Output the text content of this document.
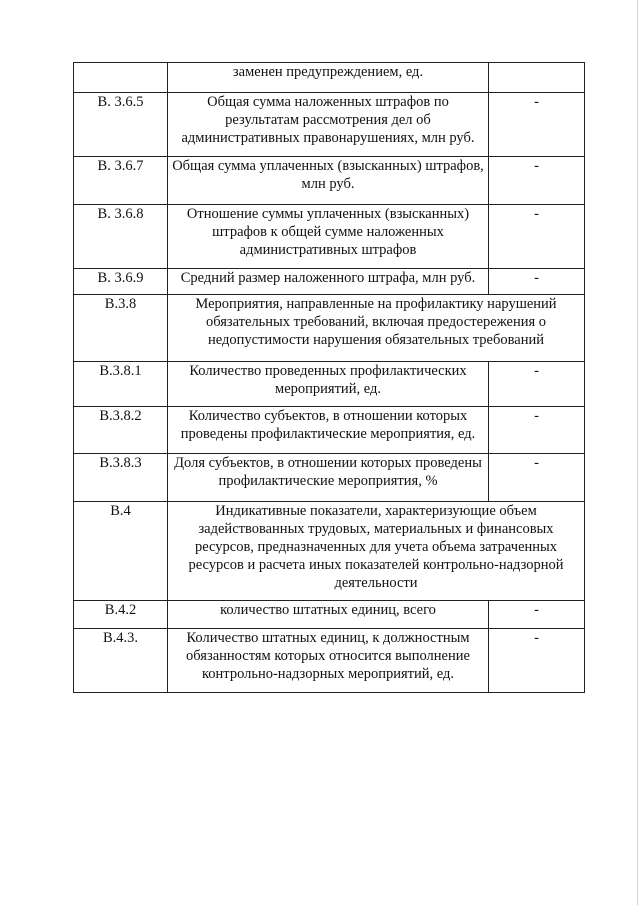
	заменен предупреждением, ед.	
В. 3.6.5	Общая сумма наложенных штрафов по результатам рассмотрения дел об административных правонарушениях, млн руб.	-
В. 3.6.7	Общая сумма уплаченных (взысканных) штрафов, млн руб.	-
В. 3.6.8	Отношение суммы уплаченных (взысканных) штрафов к общей сумме наложенных административных штрафов	-
В. 3.6.9	Средний размер наложенного штрафа, млн руб.	-
В.3.8	Мероприятия, направленные на профилактику нарушений обязательных требований, включая предостережения о недопустимости нарушения обязательных требований	
В.3.8.1	Количество проведенных профилактических мероприятий, ед.	-
В.3.8.2	Количество субъектов, в отношении которых проведены профилактические мероприятия, ед.	-
В.3.8.3	Доля субъектов, в отношении которых проведены профилактические мероприятия, %	-
В.4	Индикативные показатели, характеризующие объем задействованных трудовых, материальных и финансовых ресурсов, предназначенных для учета объема затраченных ресурсов и расчета иных показателей контрольно-надзорной деятельности	
В.4.2	количество штатных единиц, всего	-
В.4.3.	Количество штатных единиц, к должностным обязанностям которых относится выполнение контрольно-надзорных мероприятий, ед.	-
